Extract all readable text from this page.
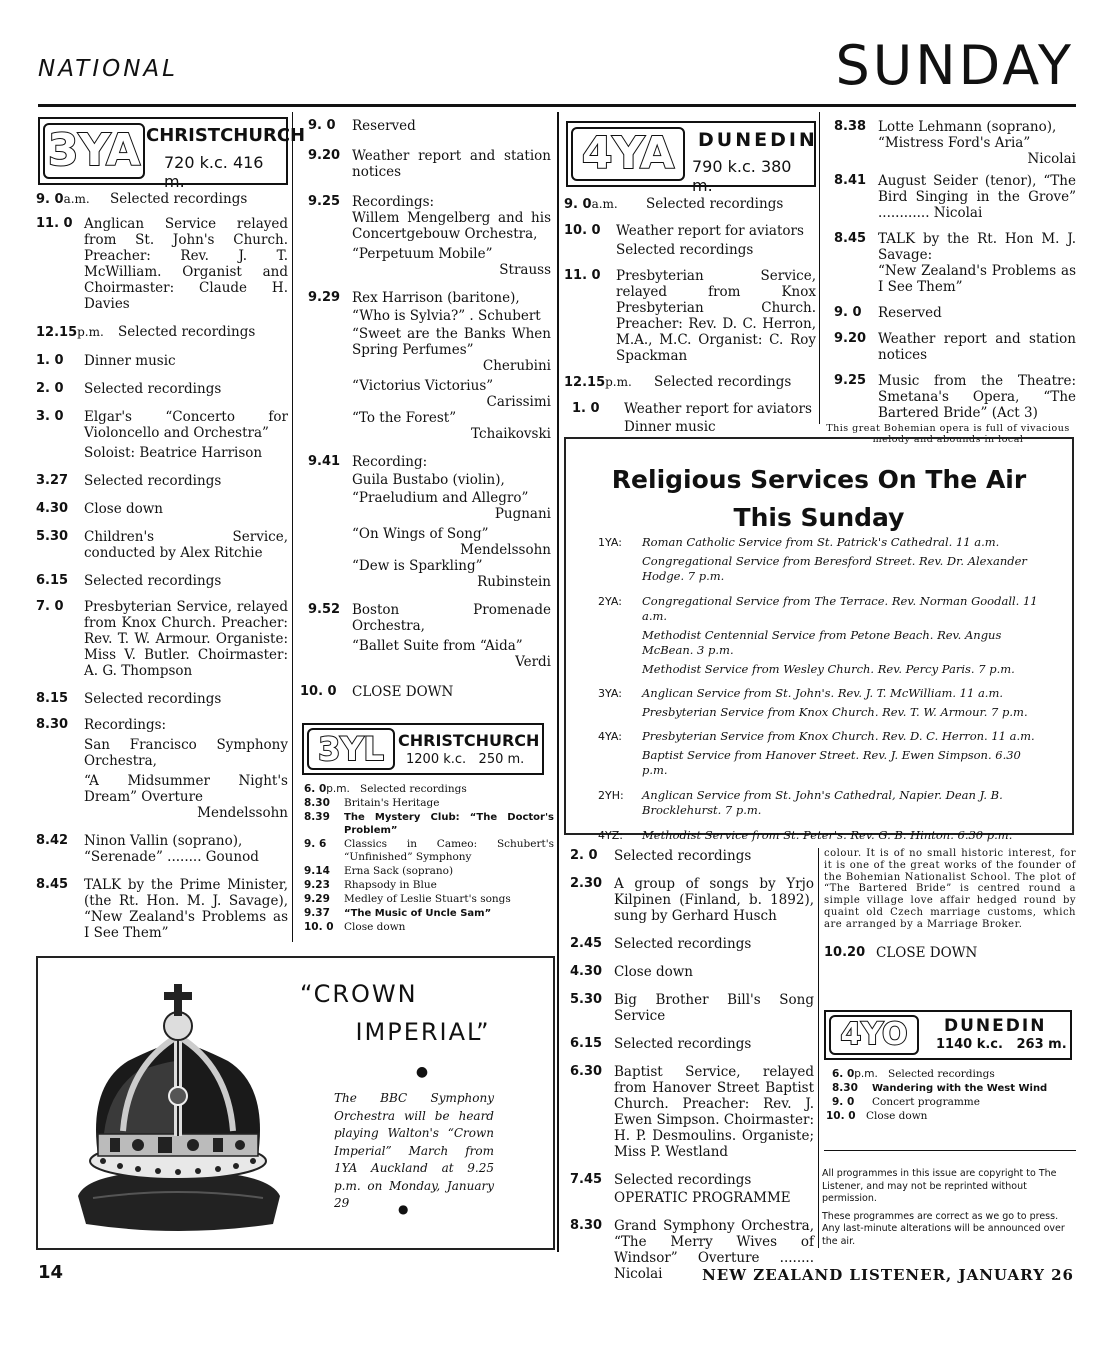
NATIONAL	SUNDAY
3YA CHRISTCHURCH
720 k.c. 416 m.
9. 0a.m.	Selected recordings
11. 0 Anglican Service relayed from St. John's Church. Preacher: Rev. J. T. McWilliam. Organist and Choirmaster: Claude H. Davies
12.15p.m.	Selected recordings
1. 0	Dinner music
2. 0	Selected recordings
3. 0	Elgar's “Concerto for Violoncello and Orchestra”
Soloist: Beatrice Harrison
3.27	Selected recordings
4.30	Close down
5.30	Children's Service, conducted by Alex Ritchie
6.15	Selected recordings
7. 0	Presbyterian Service, relayed from Knox Church. Preacher: Rev. T. W. Armour. Organiste: Miss V. Butler. Choirmaster: A. G. Thompson
8.15	Selected recordings
8.30	Recordings:
San Francisco Symphony Orchestra,
“A Midsummer Night's Dream” Overture
Mendelssohn
8.42	Ninon Vallin (soprano),
“Serenade” ........ Gounod
8.45	TALK by the Prime Minister, (the Rt. Hon. M. J. Savage), “New Zealand's Problems as I See Them”
9. 0	Reserved
9.20 Weather report and station notices
9.25 Recordings:
Willem Mengelberg and his Concertgebouw Orchestra,
“Perpetuum Mobile”
Strauss
9.29 Rex Harrison (baritone),
“Who is Sylvia?” . Schubert
“Sweet are the Banks When Spring Perfumes”
Cherubini
“Victorius Victorius”
Carissimi
“To the Forest”
Tchaikovski
9.41 Recording:
Guila Bustabo (violin),
“Praeludium and Allegro”
Pugnani
“On Wings of Song”
Mendelssohn
“Dew is Sparkling”
Rubinstein
9.52 Boston Promenade Orchestra,
“Ballet Suite from “Aida”
Verdi
10. 0	CLOSE DOWN
3YL CHRISTCHURCH
1200 k.c.   250 m.
6. 0p.m. Selected recordings
8.30	Britain's Heritage
8.39	The Mystery Club: “The Doctor's Problem”
9. 6	Classics in Cameo: Schubert's “Unfinished” Symphony
9.14	Erna Sack (soprano)
9.23	Rhapsody in Blue
9.29	Medley of Leslie Stuart's songs
9.37	“The Music of Uncle Sam”
10. 0 Close down
“CROWN
IMPERIAL”
●
The BBC Symphony Orchestra will be heard playing Walton's “Crown Imperial” March from 1YA Auckland at 9.25 p.m. on Monday, January 29	●
4YA	DUNEDIN
790 k.c. 380 m.
9. 0a.m.	Selected recordings
10. 0	Weather report for aviators
Selected recordings
11. 0	Presbyterian Service, relayed from Knox Presbyterian Church. Preacher: Rev. D. C. Herron, M.A., M.C. Organist: C. Roy Spackman
12.15p.m.	Selected recordings
1. 0	Weather report for aviators
Dinner music
8.38 Lotte Lehmann (soprano),
“Mistress Ford's Aria”
Nicolai
8.41 August Seider (tenor), “The Bird Singing in the Grove” ............ Nicolai
8.45 TALK by the Rt. Hon M. J. Savage:
“New Zealand's Problems as I See Them”
9. 0	Reserved
9.20 Weather report and station notices
9.25 Music from the Theatre: Smetana's Opera, “The Bartered Bride” (Act 3)
This great Bohemian opera is full of vivacious melody and abounds in local
Religious Services On The Air
This Sunday
1YA:	Roman Catholic Service from St. Patrick's Cathedral. 11 a.m.
Congregational Service from Beresford Street. Rev. Dr. Alexander Hodge. 7 p.m.
2YA:	Congregational Service from The Terrace. Rev. Norman Goodall. 11 a.m.
Methodist Centennial Service from Petone Beach. Rev. Angus McBean. 3 p.m.
Methodist Service from Wesley Church. Rev. Percy Paris. 7 p.m.
3YA:	Anglican Service from St. John's. Rev. J. T. McWilliam. 11 a.m.
Presbyterian Service from Knox Church. Rev. T. W. Armour. 7 p.m.
4YA:	Presbyterian Service from Knox Church. Rev. D. C. Herron. 11 a.m.
Baptist Service from Hanover Street. Rev. J. Ewen Simpson. 6.30 p.m.
2YH:	Anglican Service from St. John's Cathedral, Napier. Dean J. B. Brocklehurst. 7 p.m.
4YZ:	Methodist Service from St. Peter's. Rev. G. B. Hinton. 6.30 p.m.
2. 0	Selected recordings
2.30 A group of songs by Yrjo Kilpinen (Finland, b. 1892), sung by Gerhard Husch
2.45 Selected recordings
4.30 Close down
5.30 Big Brother Bill's Song Service
6.15 Selected recordings
6.30 Baptist Service, relayed from Hanover Street Baptist Church. Preacher: Rev. J. Ewen Simpson. Choirmaster: H. P. Desmoulins. Organiste; Miss P. Westland
7.45 Selected recordings
OPERATIC PROGRAMME
8.30 Grand Symphony Orchestra, “The Merry Wives of Windsor” Overture ........ Nicolai
colour. It is of no small historic interest, for it is one of the great works of the founder of the Bohemian Nationalist School. The plot of “The Bartered Bride” is centred round a simple village love affair hedged round by quaint old Czech marriage customs, which are arranged by a Marriage Broker.
10.20 CLOSE DOWN
4YO	DUNEDIN
1140 k.c.   263 m.
6. 0p.m. Selected recordings
8.30	Wandering with the West Wind
9. 0	Concert programme
10. 0 Close down

All programmes in this issue are copyright to The Listener, and may not be reprinted without permission.

These programmes are correct as we go to press. Any last-minute alterations will be announced over the air.

14	NEW ZEALAND LISTENER, JANUARY 26
